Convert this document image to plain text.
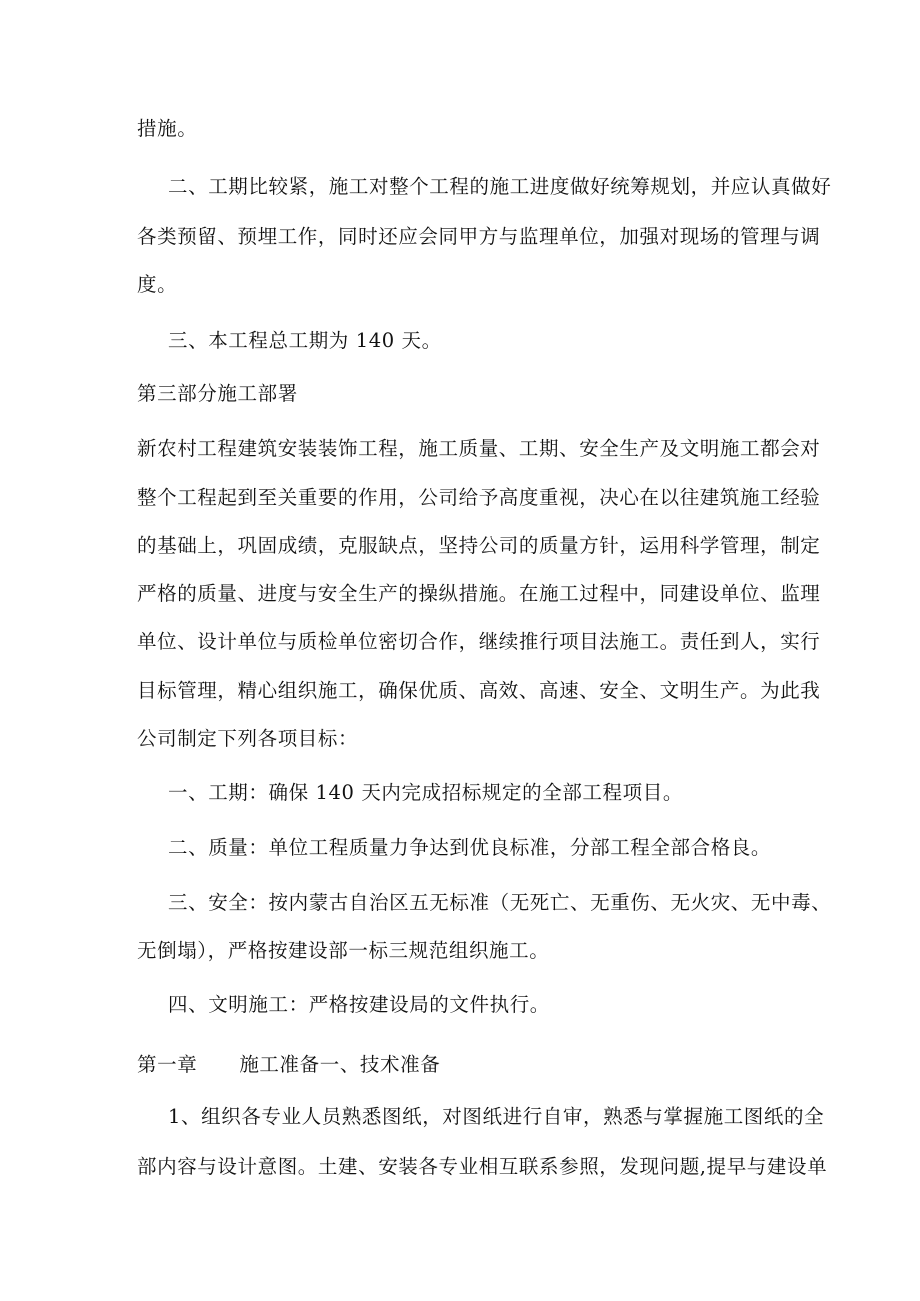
措施。
二、工期比较紧，施工对整个工程的施工进度做好统筹规划，并应认真做好
各类预留、预埋工作，同时还应会同甲方与监理单位，加强对现场的管理与调
度。
三、本工程总工期为 140 天。
第三部分施工部署
新农村工程建筑安装装饰工程，施工质量、工期、安全生产及文明施工都会对
整个工程起到至关重要的作用，公司给予高度重视，决心在以往建筑施工经验
的基础上，巩固成绩，克服缺点，坚持公司的质量方针，运用科学管理，制定
严格的质量、进度与安全生产的操纵措施。在施工过程中，同建设单位、监理
单位、设计单位与质检单位密切合作，继续推行项目法施工。责任到人，实行
目标管理，精心组织施工，确保优质、高效、高速、安全、文明生产。为此我
公司制定下列各项目标：
一、工期：确保 140 天内完成招标规定的全部工程项目。
二、质量：单位工程质量力争达到优良标准，分部工程全部合格良。
三、安全：按内蒙古自治区五无标准（无死亡、无重伤、无火灾、无中毒、
无倒塌），严格按建设部一标三规范组织施工。
四、文明施工：严格按建设局的文件执行。
第一章 施工准备一、技术准备
1、组织各专业人员熟悉图纸，对图纸进行自审，熟悉与掌握施工图纸的全
部内容与设计意图。土建、安装各专业相互联系参照，发现问题,提早与建设单
